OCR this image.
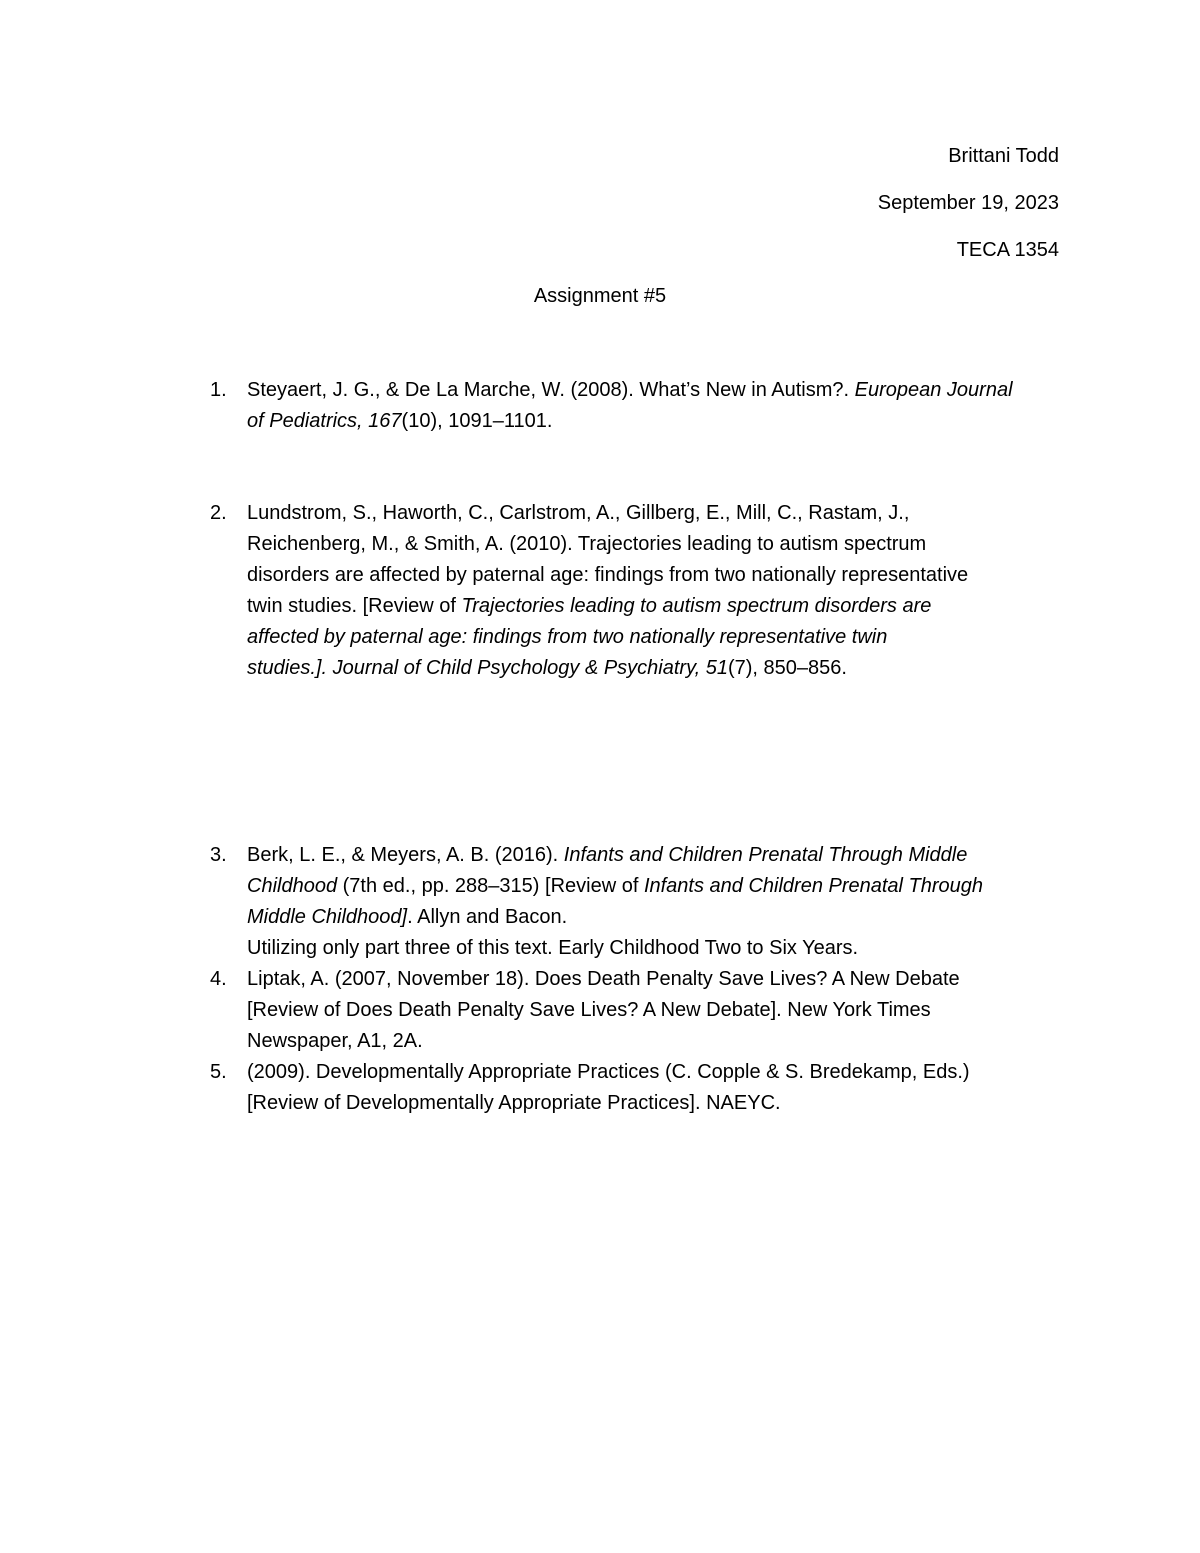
Brittani Todd
September 19, 2023
TECA 1354
Assignment #5
1.	Steyaert, J. G., & De La Marche, W. (2008). What’s New in Autism?. European Journal
of Pediatrics, 167(10), 1091–1101.
2.	Lundstrom, S., Haworth, C., Carlstrom, A., Gillberg, E., Mill, C., Rastam, J.,
Reichenberg, M., & Smith, A. (2010). Trajectories leading to autism spectrum
disorders are affected by paternal age: findings from two nationally representative
twin studies. [Review of Trajectories leading to autism spectrum disorders are
affected by paternal age: findings from two nationally representative twin
studies.]. Journal of Child Psychology & Psychiatry, 51(7), 850–856.
3.	Berk, L. E., & Meyers, A. B. (2016). Infants and Children Prenatal Through Middle
Childhood (7th ed., pp. 288–315) [Review of Infants and Children Prenatal Through
Middle Childhood]. Allyn and Bacon.
Utilizing only part three of this text. Early Childhood Two to Six Years.
4.	Liptak, A. (2007, November 18). Does Death Penalty Save Lives? A New Debate
[Review of Does Death Penalty Save Lives? A New Debate]. New York Times
Newspaper, A1, 2A.
5.	(2009). Developmentally Appropriate Practices (C. Copple & S. Bredekamp, Eds.)
[Review of Developmentally Appropriate Practices]. NAEYC.
